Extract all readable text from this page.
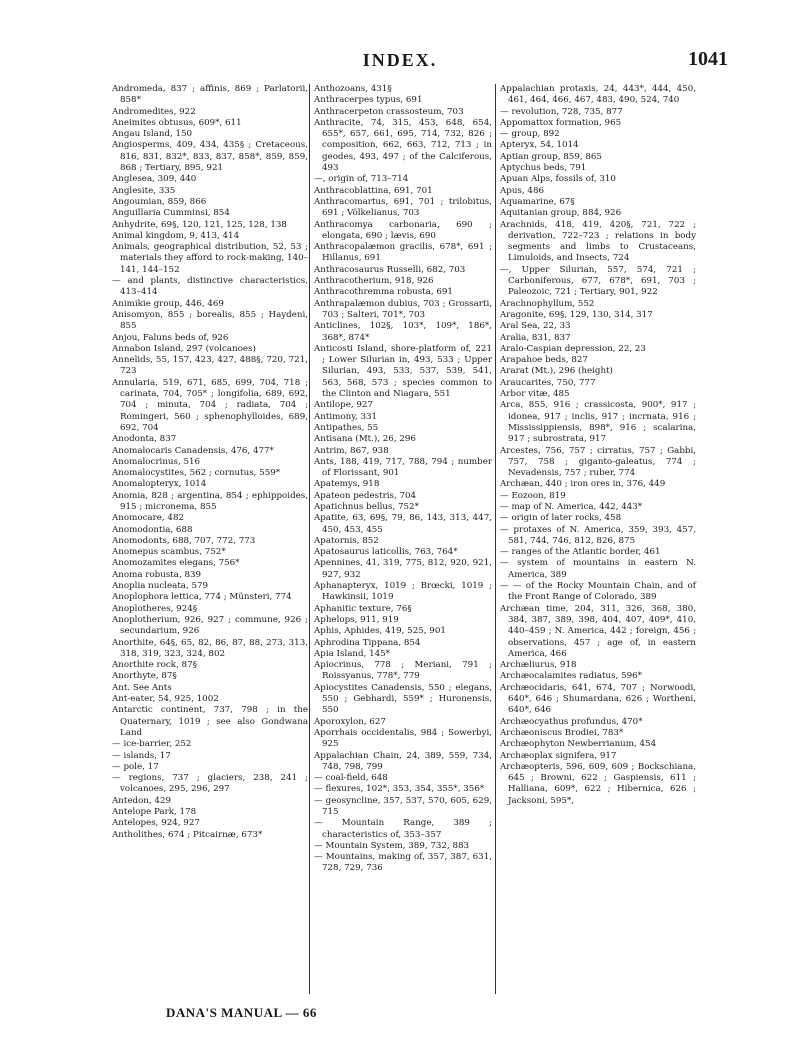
INDEX.	1041

Andromeda, 837 ; affinis, 869 ; Parlatorii, 858*

Andromedites, 922

Aneimites obtusus, 609*, 611

Angau Island, 150

Angiosperms, 409, 434, 435§ ; Cretaceous, 816, 831, 832*, 833, 837, 858*, 859, 859, 868 ; Tertiary, 895, 921

Anglesea, 309, 440

Anglesite, 335

Angoumian, 859, 866

Anguillaria Cumminsi, 854

Anhydrite, 69§, 120, 121, 125, 128, 138

Animal kingdom, 9, 413, 414

Animals, geographical distribution, 52, 53 ; materials they afford to rock-making, 140–141, 144–152

— and plants, distinctive characteristics, 413–414

Animikie group, 446, 469

Anisomyon, 855 ; borealis, 855 ; Haydeni, 855

Anjou, Faluns beds of, 926

Annabon Island, 297 (volcanoes)

Annelids, 55, 157, 423, 427, 488§, 720, 721, 723

Annularia, 519, 671, 685, 699, 704, 718 ; carinata, 704, 705* ; longifolia, 689, 692, 704 ; minuta, 704 ; radiata, 704 ; Romingeri, 560 ; sphenophylloides, 689, 692, 704

Anodonta, 837

Anomalocaris Canadensis, 476, 477*

Anomalocrinus, 516

Anomalocystites, 562 ; cornutus, 559*

Anomalopteryx, 1014

Anomia, 828 ; argentina, 854 ; ephippoides, 915 ; micronema, 855

Anomocare, 482

Anomodontia, 688

Anomodonts, 688, 707, 772, 773

Anomepus scambus, 752*

Anomozamites elegans, 756*

Anoma robusta, 839

Anoplia nucleata, 579

Anoplophora lettica, 774 ; Münsteri, 774

Anoplotheres, 924§

Anoplotherium, 926, 927 ; commune, 926 ; secundarium, 926

Anorthite, 64§, 65, 82, 86, 87, 88, 273, 313, 318, 319, 323, 324, 802

Anorthite rock, 87§

Anorthyte, 87§

Ant. See Ants

Ant-eater, 54, 925, 1002

Antarctic continent, 737, 798 ; in the Quaternary, 1019 ; see also Gondwana Land

— ice-barrier, 252

— islands, 17

— pole, 17

— regions, 737 ; glaciers, 238, 241 ; volcanoes, 295, 296, 297

Antedon, 429

Antelope Park, 178

Antelopes, 924, 927

Antholithes, 674 ; Pitcairnæ, 673*

Anthozoans, 431§

Anthracerpes typus, 691

Anthracerpeton crassosteum, 703

Anthracite, 74, 315, 453, 648, 654, 655*, 657, 661, 695, 714, 732, 826 ; composition, 662, 663, 712, 713 ; in geodes, 493, 497 ; of the Calciferous, 493

—, origin of, 713–714

Anthracoblattina, 691, 701

Anthracomartus, 691, 701 ; trilobitus, 691 ; Völkelianus, 703

Anthracomya carbonaria, 690 ; elongata, 690 ; lævis, 690

Anthracopalæmon gracilis, 678*, 691 ; Hillanus, 691

Anthracosaurus Russelli, 682, 703

Anthracotherium, 918, 926

Anthracothremma robusta, 691

Anthrapalæmon dubius, 703 ; Grossarti, 703 ; Salteri, 701*, 703

Anticlines, 102§, 103*, 109*, 186*, 368*, 874*

Anticosti Island, shore-platform of, 221 ; Lower Silurian in, 493, 533 ; Upper Silurian, 493, 533, 537, 539, 541, 563, 568, 573 ; species common to the Clinton and Niagara, 551

Antilope, 927

Antimony, 331

Antipathes, 55

Antisana (Mt.), 26, 296

Antrim, 867, 938

Ants, 188, 419, 717, 788, 794 ; number of Florissant, 901

Apatemys, 918

Apateon pedestris, 704

Apatichnus bellus, 752*

Apatite, 63, 69§, 79, 86, 143, 313, 447, 450, 453, 455

Apatornis, 852

Apatosaurus laticollis, 763, 764*

Apennines, 41, 319, 775, 812, 920, 921, 927, 932

Aphanapteryx, 1019 ; Brœcki, 1019 ; Hawkinsii, 1019

Aphanitic texture, 76§

Aphelops, 911, 919

Aphis, Aphides, 419, 525, 901

Aphrodina Tippana, 854

Apia Island, 145*

Apiocrinus, 778 ; Meriani, 791 ; Roissyanus, 778*, 779

Apiocystites Canadensis, 550 ; elegans, 550 ; Gebhardi, 559* ; Huronensis, 550

Aporoxylon, 627

Aporrhais occidentalis, 984 ; Sowerbyi, 925

Appalachian Chain, 24, 389, 559, 734, 748, 798, 799

— coal-field, 648

— flexures, 102*, 353, 354, 355*, 356*

— geosyncline, 357, 537, 570, 605, 629, 715

— Mountain Range, 389 ; characteristics of, 353–357

— Mountain System, 389, 732, 883

— Mountains, making of, 357, 387, 631, 728, 729, 736

Appalachian protaxis, 24, 443*, 444, 450, 461, 464, 466, 467, 483, 490, 524, 740

— revolution, 728, 735, 877

Appomattox formation, 965

— group, 892

Apteryx, 54, 1014

Aptian group, 859, 865

Aptychus beds, 791

Apuan Alps, fossils of, 310

Apus, 486

Aquamarine, 67§

Aquitanian group, 884, 926

Arachnids, 418, 419, 420§, 721, 722 ; derivation, 722–723 ; relations in body segments and limbs to Crustaceans, Limuloids, and Insects, 724

—, Upper Silurian, 557, 574, 721 ; Carboniferous, 677, 678*, 691, 703 ; Paleozoic, 721 ; Tertiary, 901, 922

Arachnophyllum, 552

Aragonite, 69§, 129, 130, 314, 317

Aral Sea, 22, 33

Aralia, 831, 837

Aralo-Caspian depression, 22, 23

Arapahoe beds, 827

Ararat (Mt.), 296 (height)

Araucarites, 750, 777

Arbor vitæ, 485

Arca, 855, 916 ; crassicosta, 900*, 917 ; idonea, 917 ; inclis, 917 ; incrnata, 916 ; Mississippiensis, 898*, 916 ; scalarina, 917 ; subrostrata, 917

Arcestes, 756, 757 ; cirratus, 757 ; Gabbi, 757, 758 ; giganto-galeatus, 774 ; Nevadensis, 757 ; ruber, 774

Archæan, 440 ; iron ores in, 376, 449

— Eozoon, 819

— map of N. America, 442, 443*

— origin of later rocks, 458

— protaxes of N. America, 359, 393, 457, 581, 744, 746, 812, 826, 875

— ranges of the Atlantic border, 461

— system of mountains in eastern N. America, 389

— — of the Rocky Mountain Chain, and of the Front Range of Colorado, 389

Archæan time, 204, 311, 326, 368, 380, 384, 387, 389, 398, 404, 407, 409*, 410, 440–459 ; N. America, 442 ; foreign, 456 ; observations, 457 ; age of, in eastern America, 466

Archæliurus, 918

Archæocalamites radiatus, 596*

Archæocidaris, 641, 674, 707 ; Norwoodi, 640*, 646 ; Shumardana, 626 ; Wortheni, 640*, 646

Archæocyathus profundus, 470*

Archæoniscus Brodiei, 783*

Archæophyton Newberrianum, 454

Archæoplax signifera, 917

Archæopteris, 596, 609, 609 ; Bockschiana, 645 ; Browni, 622 ; Gaspiensis, 611 ; Halliana, 609*, 622 ; Hibernica, 626 ; Jacksoni, 595*,

DANA'S MANUAL — 66
